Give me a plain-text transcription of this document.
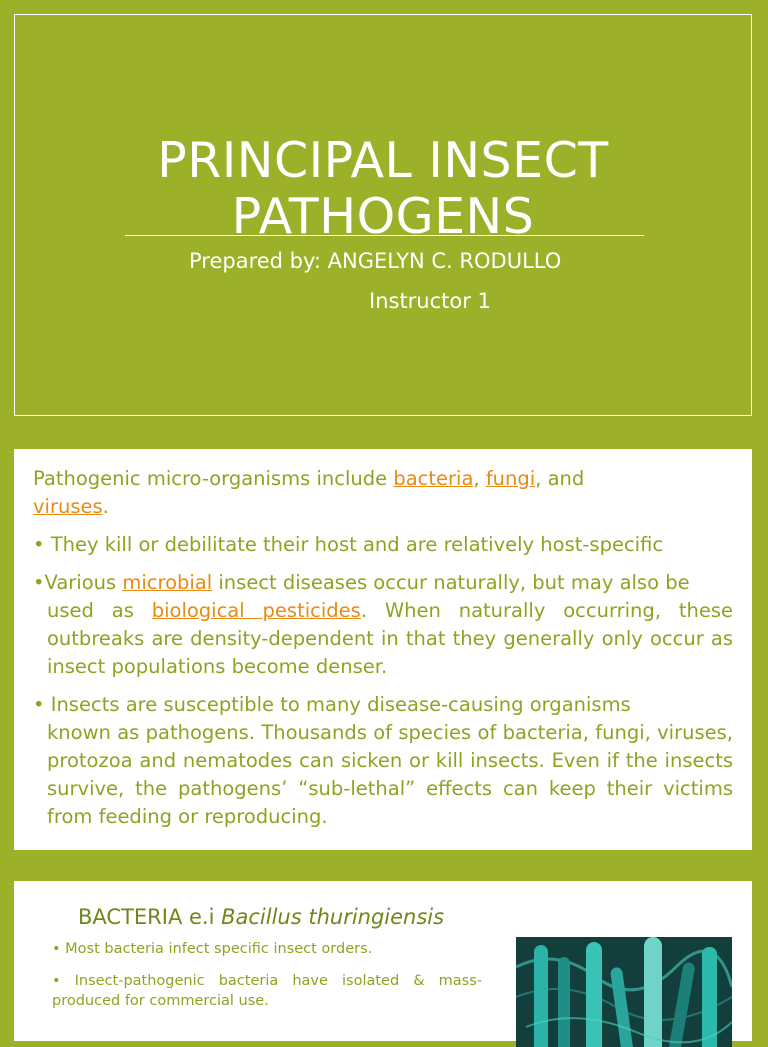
PRINCIPAL INSECT
PATHOGENS
Prepared by: ANGELYN C. RODULLO
Instructor 1

Pathogenic micro-organisms include bacteria, fungi, and
viruses.

• They kill or debilitate their host and are relatively host-specific

•Various microbial insect diseases occur naturally, but may also be
used as biological pesticides. When naturally occurring, these outbreaks are density-dependent in that they generally only occur as insect populations become denser.

• Insects are susceptible to many disease-causing organisms
known as pathogens. Thousands of species of bacteria, fungi, viruses, protozoa and nematodes can sicken or kill insects. Even if the insects survive, the pathogens’ “sub-lethal” effects can keep their victims from feeding or reproducing.

BACTERIA e.i Bacillus thuringiensis

• Most bacteria infect specific insect orders.

• Insect-pathogenic bacteria have isolated & mass-produced for commercial use.
